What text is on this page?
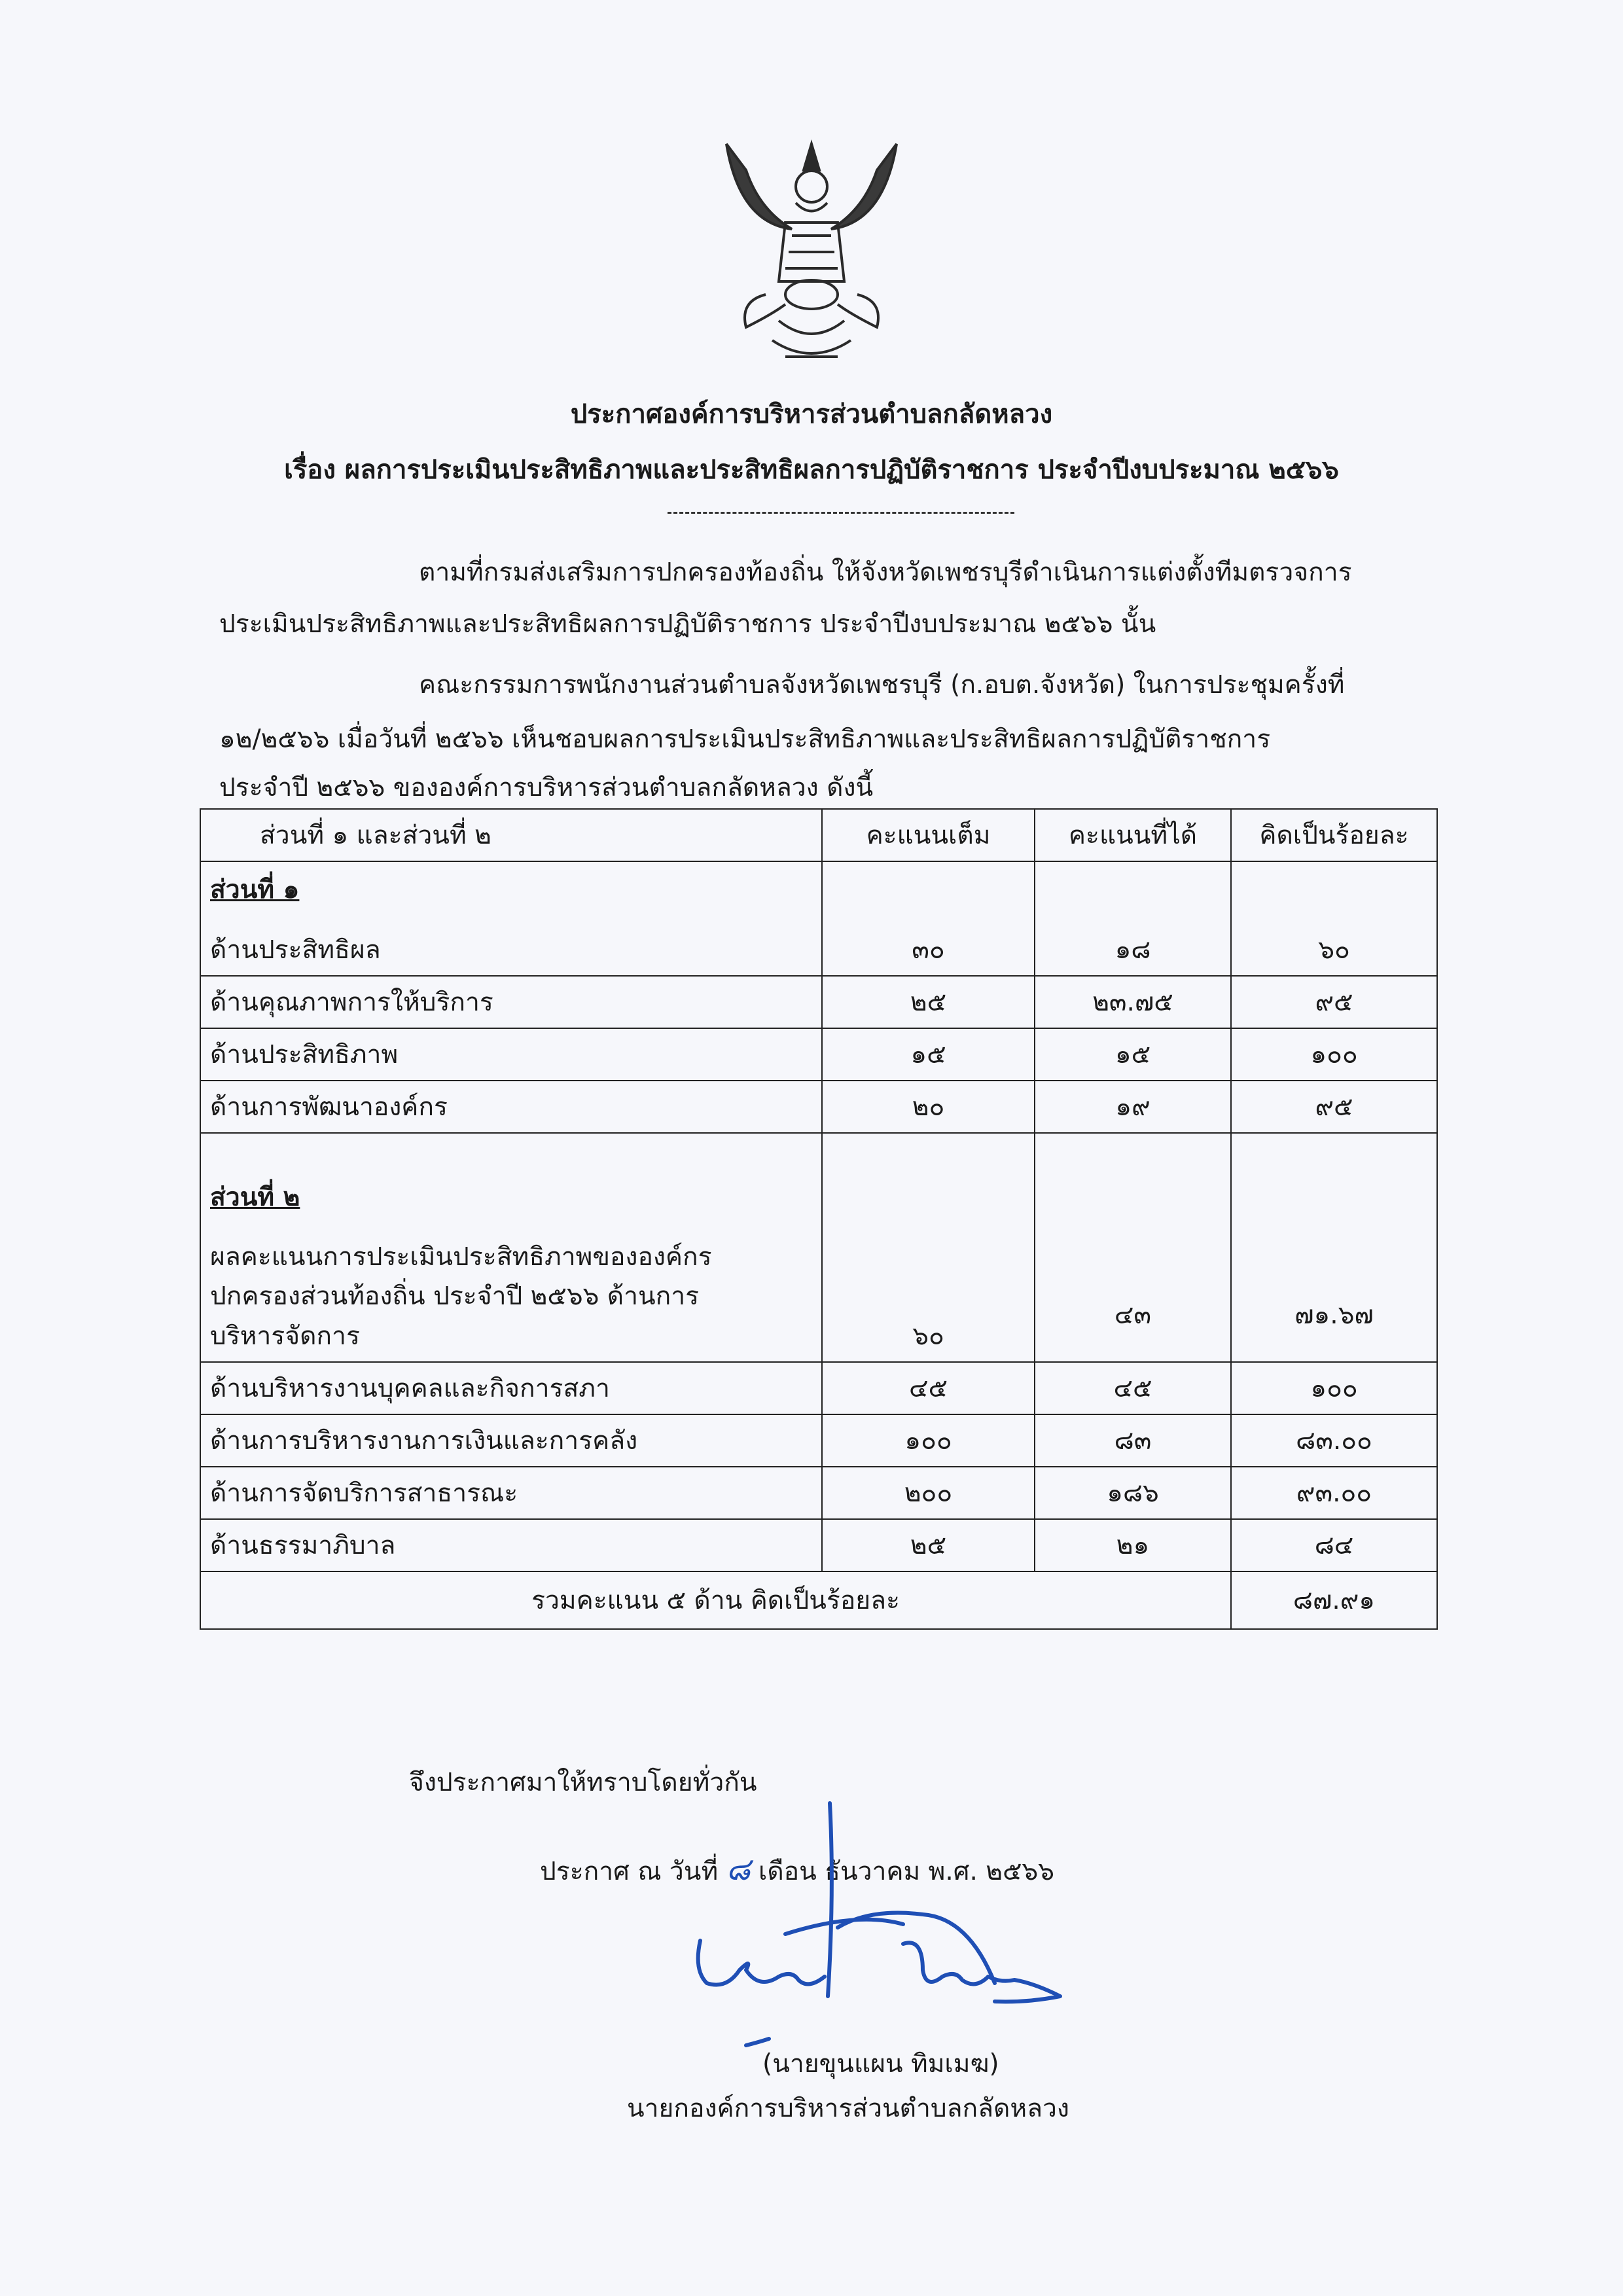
ประกาศองค์การบริหารส่วนตำบลกลัดหลวง
เรื่อง ผลการประเมินประสิทธิภาพและประสิทธิผลการปฏิบัติราชการ ประจำปีงบประมาณ ๒๕๖๖
ตามที่กรมส่งเสริมการปกครองท้องถิ่น ให้จังหวัดเพชรบุรีดำเนินการแต่งตั้งทีมตรวจการ
ประเมินประสิทธิภาพและประสิทธิผลการปฏิบัติราชการ ประจำปีงบประมาณ ๒๕๖๖ นั้น
คณะกรรมการพนักงานส่วนตำบลจังหวัดเพชรบุรี (ก.อบต.จังหวัด) ในการประชุมครั้งที่
๑๒/๒๕๖๖ เมื่อวันที่ ๒๕๖๖ เห็นชอบผลการประเมินประสิทธิภาพและประสิทธิผลการปฏิบัติราชการ
ประจำปี ๒๕๖๖ ขององค์การบริหารส่วนตำบลกลัดหลวง ดังนี้
ส่วนที่ ๑ และส่วนที่ ๒	คะแนนเต็ม	คะแนนที่ได้	คิดเป็นร้อยละ

ส่วนที่ ๑
ด้านประสิทธิผล	๓๐	๑๘	๖๐
ด้านคุณภาพการให้บริการ	๒๕	๒๓.๗๕	๙๕
ด้านประสิทธิภาพ	๑๕	๑๕	๑๐๐
ด้านการพัฒนาองค์กร	๒๐	๑๙	๙๕

ส่วนที่ ๒
ผลคะแนนการประเมินประสิทธิภาพขององค์กร
ปกครองส่วนท้องถิ่น ประจำปี ๒๕๖๖ ด้านการ
บริหารจัดการ	๖๐	๔๓	๗๑.๖๗
ด้านบริหารงานบุคคลและกิจการสภา	๔๕	๔๕	๑๐๐
ด้านการบริหารงานการเงินและการคลัง	๑๐๐	๘๓	๘๓.๐๐
ด้านการจัดบริการสาธารณะ	๒๐๐	๑๘๖	๙๓.๐๐
ด้านธรรมาภิบาล	๒๕	๒๑	๘๔
รวมคะแนน ๕ ด้าน คิดเป็นร้อยละ			๘๗.๙๑
จึงประกาศมาให้ทราบโดยทั่วกัน
ประกาศ ณ วันที่ ๘ เดือน ธันวาคม พ.ศ. ๒๕๖๖
(นายขุนแผน ทิมเมฆ)
นายกองค์การบริหารส่วนตำบลกลัดหลวง
